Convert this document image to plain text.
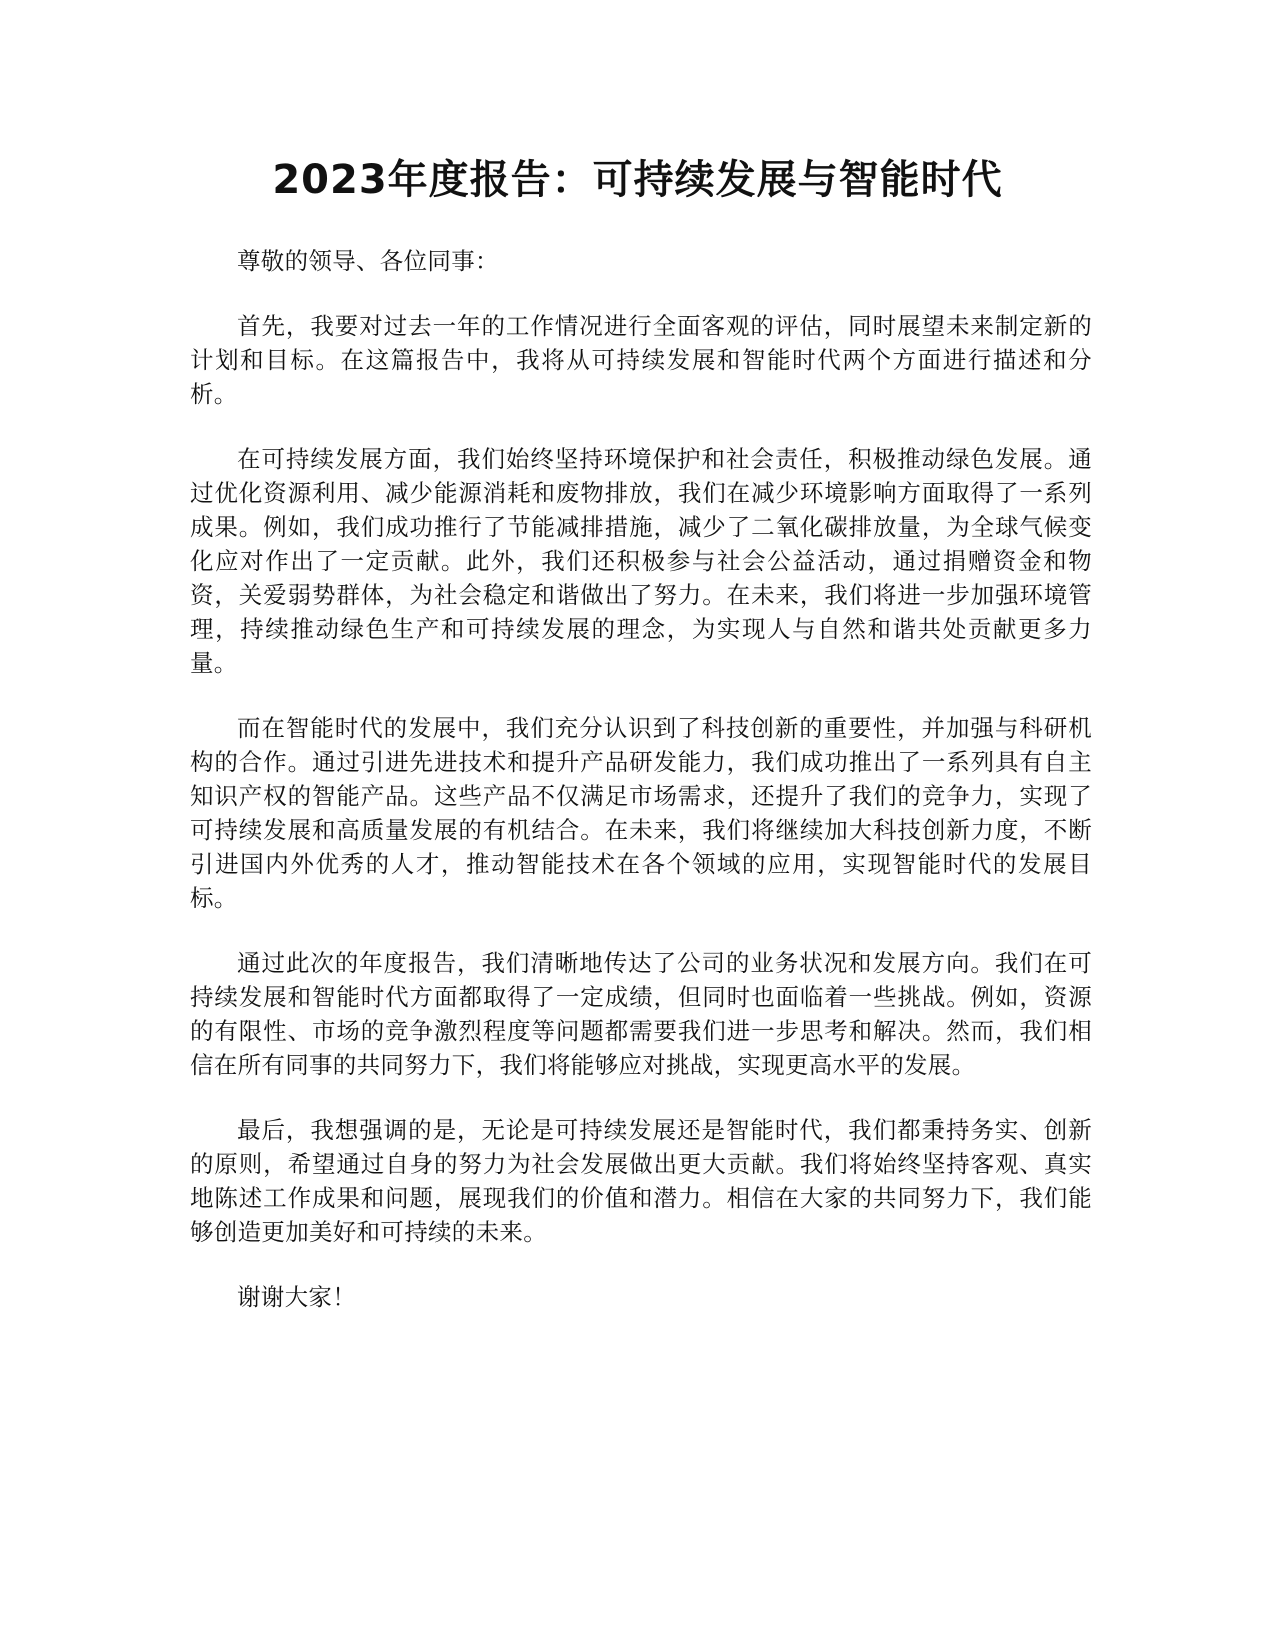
2023年度报告：可持续发展与智能时代

尊敬的领导、各位同事：

首先，我要对过去一年的工作情况进行全面客观的评估，同时展望未来制定新的计划和目标。在这篇报告中，我将从可持续发展和智能时代两个方面进行描述和分析。

在可持续发展方面，我们始终坚持环境保护和社会责任，积极推动绿色发展。通过优化资源利用、减少能源消耗和废物排放，我们在减少环境影响方面取得了一系列成果。例如，我们成功推行了节能减排措施，减少了二氧化碳排放量，为全球气候变化应对作出了一定贡献。此外，我们还积极参与社会公益活动，通过捐赠资金和物资，关爱弱势群体，为社会稳定和谐做出了努力。在未来，我们将进一步加强环境管理，持续推动绿色生产和可持续发展的理念，为实现人与自然和谐共处贡献更多力量。

而在智能时代的发展中，我们充分认识到了科技创新的重要性，并加强与科研机构的合作。通过引进先进技术和提升产品研发能力，我们成功推出了一系列具有自主知识产权的智能产品。这些产品不仅满足市场需求，还提升了我们的竞争力，实现了可持续发展和高质量发展的有机结合。在未来，我们将继续加大科技创新力度，不断引进国内外优秀的人才，推动智能技术在各个领域的应用，实现智能时代的发展目标。

通过此次的年度报告，我们清晰地传达了公司的业务状况和发展方向。我们在可持续发展和智能时代方面都取得了一定成绩，但同时也面临着一些挑战。例如，资源的有限性、市场的竞争激烈程度等问题都需要我们进一步思考和解决。然而，我们相信在所有同事的共同努力下，我们将能够应对挑战，实现更高水平的发展。

最后，我想强调的是，无论是可持续发展还是智能时代，我们都秉持务实、创新的原则，希望通过自身的努力为社会发展做出更大贡献。我们将始终坚持客观、真实地陈述工作成果和问题，展现我们的价值和潜力。相信在大家的共同努力下，我们能够创造更加美好和可持续的未来。

谢谢大家！
